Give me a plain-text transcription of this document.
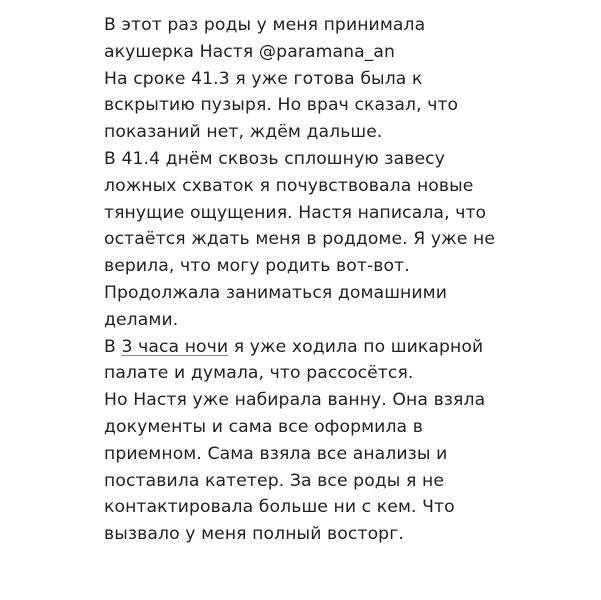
В этот раз роды у меня принимала
акушерка Настя @paramana_an
На сроке 41.3 я уже готова была к
вскрытию пузыря. Но врач сказал, что
показаний нет, ждём дальше.
В 41.4 днём сквозь сплошную завесу
ложных схваток я почувствовала новые
тянущие ощущения. Настя написала, что
остаётся ждать меня в роддоме. Я уже не
верила, что могу родить вот-вот.
Продолжала заниматься домашними
делами.
В 3 часа ночи я уже ходила по шикарной
палате и думала, что рассосётся.
Но Настя уже набирала ванну. Она взяла
документы и сама все оформила в
приемном. Сама взяла все анализы и
поставила катетер. За все роды я не
контактировала больше ни с кем. Что
вызвало у меня полный восторг.
